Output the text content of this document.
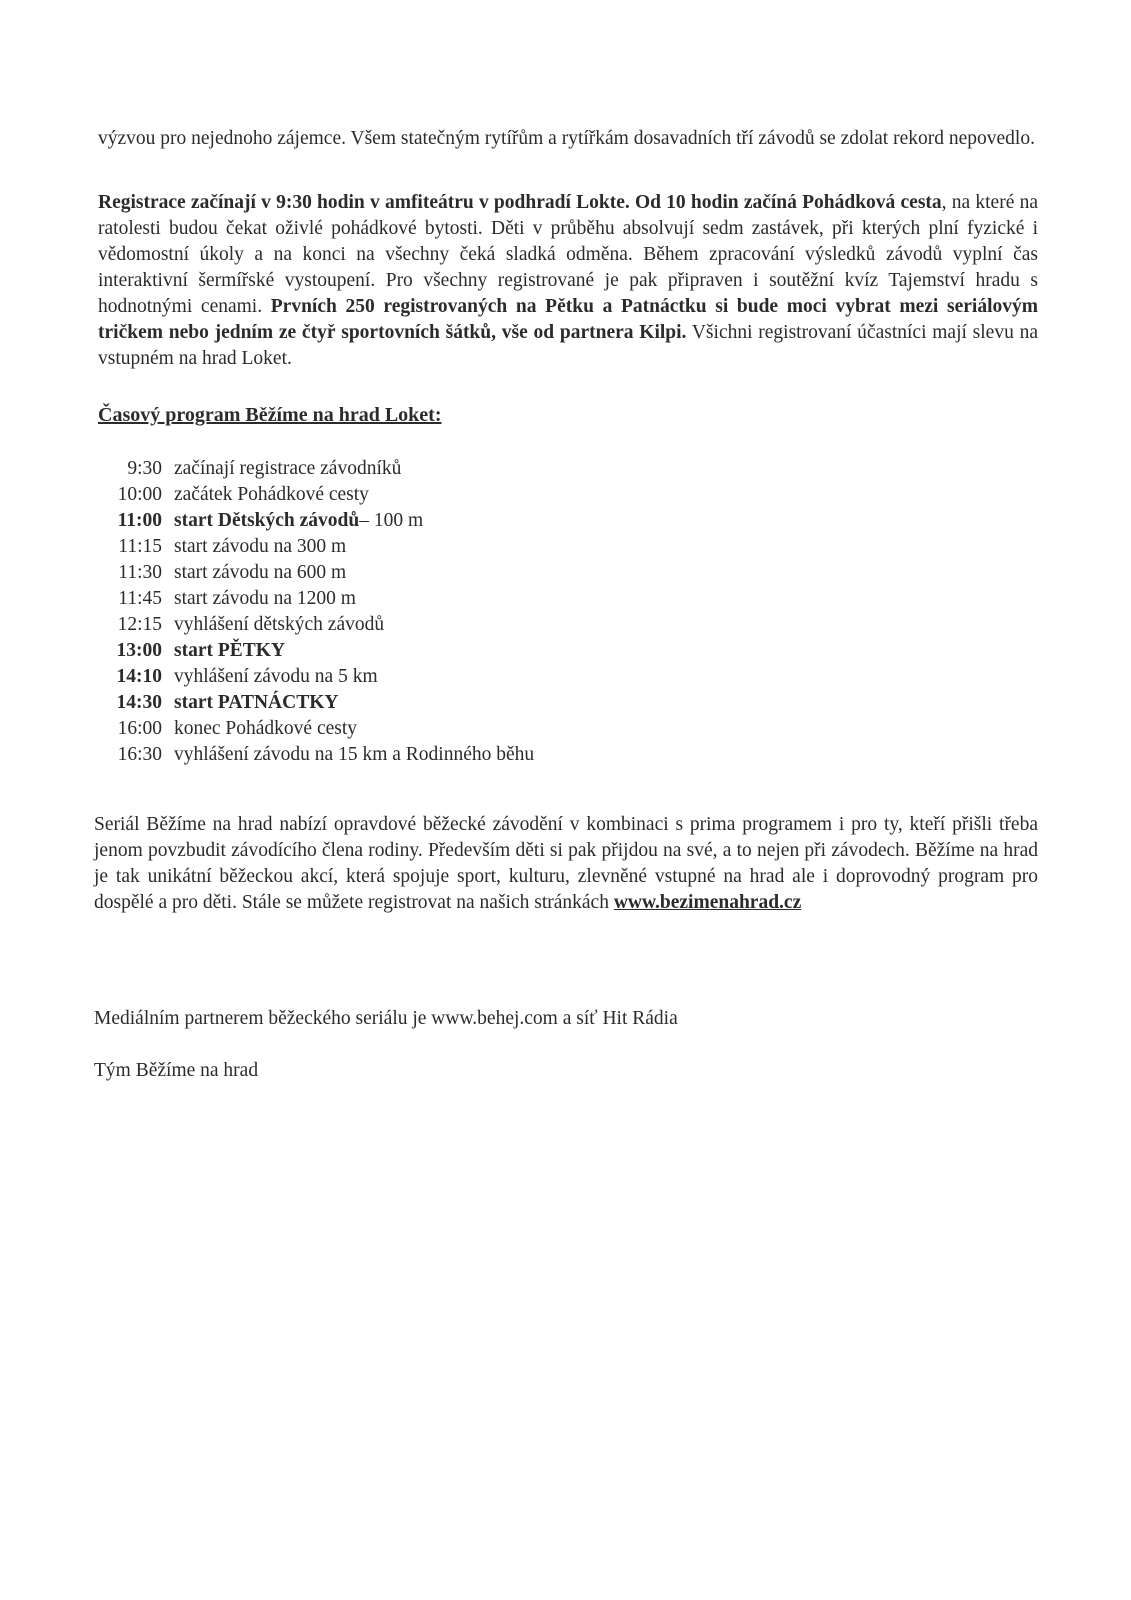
výzvou pro nejednoho zájemce. Všem statečným rytířům a rytířkám dosavadních tří závodů se zdolat rekord nepovedlo.

Registrace začínají v 9:30 hodin v amfiteátru v podhradí Lokte. Od 10 hodin začíná Pohádková cesta, na které na ratolesti budou čekat oživlé pohádkové bytosti. Děti v průběhu absolvují sedm zastávek, při kterých plní fyzické i vědomostní úkoly a na konci na všechny čeká sladká odměna. Během zpracování výsledků závodů vyplní čas interaktivní šermířské vystoupení. Pro všechny registrované je pak připraven i soutěžní kvíz Tajemství hradu s hodnotnými cenami. Prvních 250 registrovaných na Pětku a Patnáctku si bude moci vybrat mezi seriálovým tričkem nebo jedním ze čtyř sportovních šátků, vše od partnera Kilpi. Všichni registrovaní účastníci mají slevu na vstupném na hrad Loket.

Časový program Běžíme na hrad Loket:
9:30 začínají registrace závodníků
10:00 začátek Pohádkové cesty
11:00 start Dětských závodů – 100 m
11:15 start závodu na 300 m
11:30 start závodu na 600 m
11:45 start závodu na 1200 m
12:15 vyhlášení dětských závodů
13:00 start PĚTKY
14:10 vyhlášení závodu na 5 km
14:30 start PATNÁCTKY
16:00 konec Pohádkové cesty
16:30 vyhlášení závodu na 15 km a Rodinného běhu

Seriál Běžíme na hrad nabízí opravdové běžecké závodění v kombinaci s prima programem i pro ty, kteří přišli třeba jenom povzbudit závodícího člena rodiny. Především děti si pak přijdou na své, a to nejen při závodech. Běžíme na hrad je tak unikátní běžeckou akcí, která spojuje sport, kulturu, zlevněné vstupné na hrad ale i doprovodný program pro dospělé a pro děti. Stále se můžete registrovat na našich stránkách www.bezimenahrad.cz

Mediálním partnerem běžeckého seriálu je www.behej.com a síť Hit Rádia

Tým Běžíme na hrad
